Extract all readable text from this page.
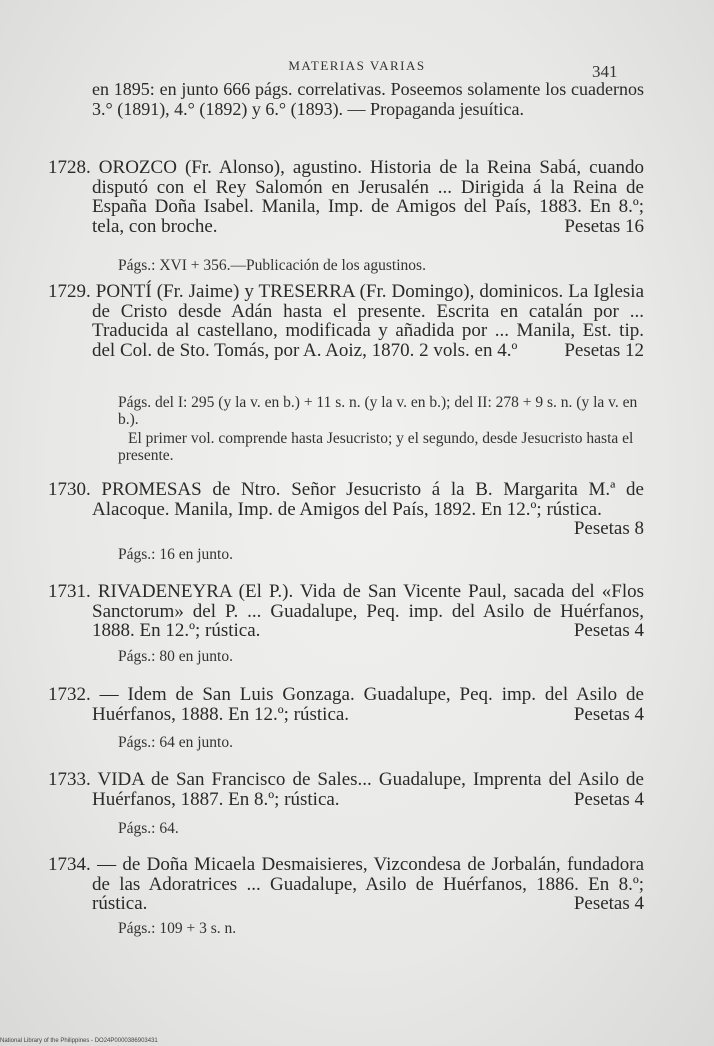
MATERIAS VARIAS	341
en 1895: en junto 666 págs. correlativas. Poseemos solamente los cuadernos 3.° (1891), 4.° (1892) y 6.° (1893). — Propaganda jesuítica.
1728. OROZCO (Fr. Alonso), agustino. Historia de la Reina Sabá, cuando disputó con el Rey Salomón en Jerusalén ... Dirigida á la Reina de España Doña Isabel. Manila, Imp. de Amigos del País, 1883. En 8.º; tela, con broche.	Pesetas 16
Págs.: XVI + 356.—Publicación de los agustinos.
1729. PONTÍ (Fr. Jaime) y TRESERRA (Fr. Domingo), dominicos. La Iglesia de Cristo desde Adán hasta el presente. Escrita en catalán por ... Traducida al castellano, modificada y añadida por ... Manila, Est. tip. del Col. de Sto. Tomás, por A. Aoiz, 1870. 2 vols. en 4.º Pesetas 12
Págs. del I: 295 (y la v. en b.) + 11 s. n. (y la v. en b.); del II: 278 + 9 s. n. (y la v. en b.).
El primer vol. comprende hasta Jesucristo; y el segundo, desde Jesucristo hasta el presente.
1730. PROMESAS de Ntro. Señor Jesucristo á la B. Margarita M.ª de Alacoque. Manila, Imp. de Amigos del País, 1892. En 12.º; rústica.
Pesetas 8
Págs.: 16 en junto.
1731. RIVADENEYRA (El P.). Vida de San Vicente Paul, sacada del «Flos Sanctorum» del P. ... Guadalupe, Peq. imp. del Asilo de Huérfanos, 1888. En 12.º; rústica.	Pesetas 4
Págs.: 80 en junto.
1732. — Idem de San Luis Gonzaga. Guadalupe, Peq. imp. del Asilo de Huérfanos, 1888. En 12.º; rústica.	Pesetas 4
Págs.: 64 en junto.
1733. VIDA de San Francisco de Sales... Guadalupe, Imprenta del Asilo de Huérfanos, 1887. En 8.º; rústica.	Pesetas 4
Págs.: 64.
1734. — de Doña Micaela Desmaisieres, Vizcondesa de Jorbalán, fundadora de las Adoratrices ... Guadalupe, Asilo de Huérfanos, 1886. En 8.º; rústica.	Pesetas 4
Págs.: 109 + 3 s. n.
National Library of the Philippines - DO24P0000386903431
